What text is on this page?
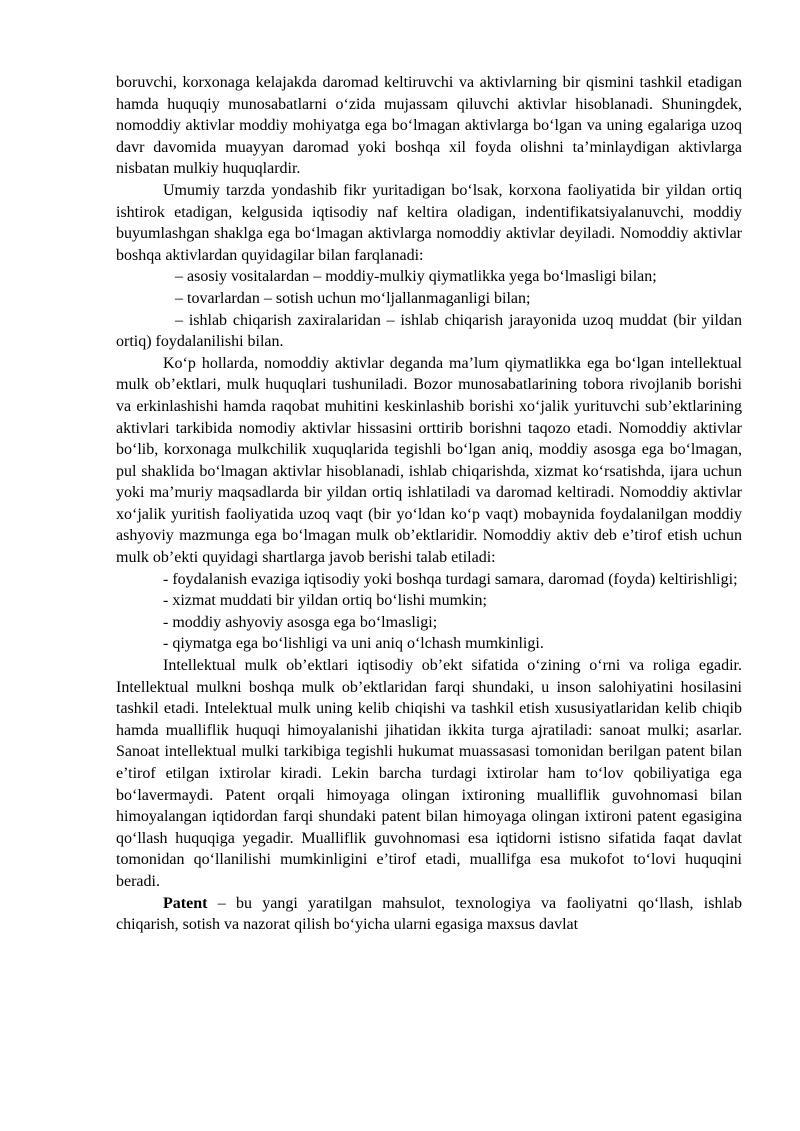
boruvchi, korxonaga kelajakda daromad keltiruvchi va aktivlarning bir qismini tashkil etadigan hamda huquqiy munosabatlarni o‘zida mujassam qiluvchi aktivlar hisoblanadi. Shuningdek, nomoddiy aktivlar moddiy mohiyatga ega bo‘lmagan aktivlarga bo‘lgan va uning egalariga uzoq davr davomida muayyan daromad yoki boshqa xil foyda olishni ta’minlaydigan aktivlarga nisbatan mulkiy huquqlardir.

Umumiy tarzda yondashib fikr yuritadigan bo‘lsak, korxona faoliyatida bir yildan ortiq ishtirok etadigan, kelgusida iqtisodiy naf keltira oladigan, indentifikatsiyalanuvchi, moddiy buyumlashgan shaklga ega bo‘lmagan aktivlarga nomoddiy aktivlar deyiladi. Nomoddiy aktivlar boshqa aktivlardan quyidagilar bilan farqlanadi:

– asosiy vositalardan – moddiy-mulkiy qiymatlikka yega bo‘lmasligi bilan;

– tovarlardan – sotish uchun mo‘ljallanmaganligi bilan;

– ishlab chiqarish zaxiralaridan – ishlab chiqarish jarayonida uzoq muddat (bir yildan ortiq) foydalanilishi bilan.

Ko‘p hollarda, nomoddiy aktivlar deganda ma’lum qiymatlikka ega bo‘lgan intellektual mulk ob’ektlari, mulk huquqlari tushuniladi. Bozor munosabatlarining tobora rivojlanib borishi va erkinlashishi hamda raqobat muhitini keskinlashib borishi xo‘jalik yurituvchi sub’ektlarining aktivlari tarkibida nomodiy aktivlar hissasini orttirib borishni taqozo etadi. Nomoddiy aktivlar bo‘lib, korxonaga mulkchilik xuquqlarida tegishli bo‘lgan aniq, moddiy asosga ega bo‘lmagan, pul shaklida bo‘lmagan aktivlar hisoblanadi, ishlab chiqarishda, xizmat ko‘rsatishda, ijara uchun yoki ma’muriy maqsadlarda bir yildan ortiq ishlatiladi va daromad keltiradi. Nomoddiy aktivlar xo‘jalik yuritish faoliyatida uzoq vaqt (bir yo‘ldan ko‘p vaqt) mobaynida foydalanilgan moddiy ashyoviy mazmunga ega bo‘lmagan mulk ob’ektlaridir. Nomoddiy aktiv deb e’tirof etish uchun mulk ob’ekti quyidagi shartlarga javob berishi talab etiladi:

- foydalanish evaziga iqtisodiy yoki boshqa turdagi samara, daromad (foyda) keltirishligi;

- xizmat muddati bir yildan ortiq bo‘lishi mumkin;

- moddiy ashyoviy asosga ega bo‘lmasligi;

- qiymatga ega bo‘lishligi va uni aniq o‘lchash mumkinligi.

Intellektual mulk ob’ektlari iqtisodiy ob’ekt sifatida o‘zining o‘rni va roliga egadir. Intellektual mulkni boshqa mulk ob’ektlaridan farqi shundaki, u inson salohiyatini hosilasini tashkil etadi. Intelektual mulk uning kelib chiqishi va tashkil etish xususiyatlaridan kelib chiqib hamda mualliflik huquqi himoyalanishi jihatidan ikkita turga ajratiladi: sanoat mulki; asarlar. Sanoat intellektual mulki tarkibiga tegishli hukumat muassasasi tomonidan berilgan patent bilan e’tirof etilgan ixtirolar kiradi. Lekin barcha turdagi ixtirolar ham to‘lov qobiliyatiga ega bo‘lavermaydi. Patent orqali himoyaga olingan ixtironing mualliflik guvohnomasi bilan himoyalangan iqtidordan farqi shundaki patent bilan himoyaga olingan ixtironi patent egasigina qo‘llash huquqiga yegadir. Mualliflik guvohnomasi esa iqtidorni istisno sifatida faqat davlat tomonidan qo‘llanilishi mumkinligini e’tirof etadi, muallifga esa mukofot to‘lovi huquqini beradi.

Patent – bu yangi yaratilgan mahsulot, texnologiya va faoliyatni qo‘llash, ishlab chiqarish, sotish va nazorat qilish bo‘yicha ularni egasiga maxsus davlat
